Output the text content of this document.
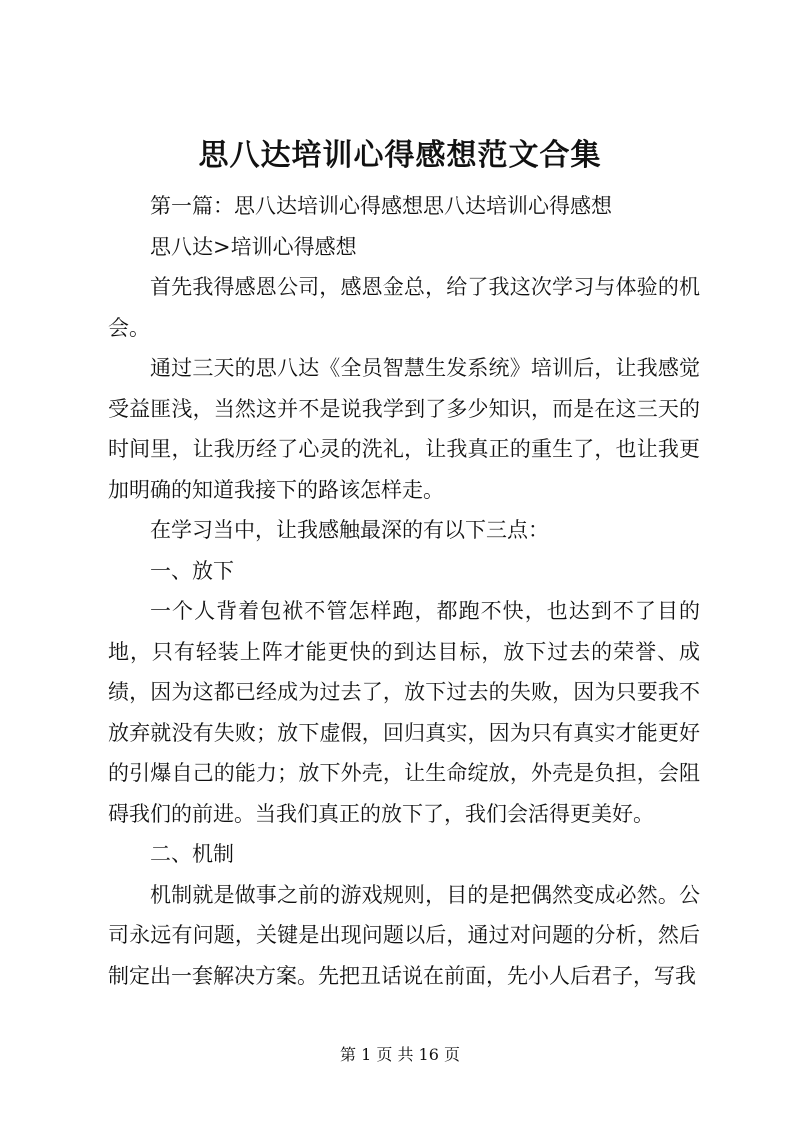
思八达培训心得感想范文合集

第一篇：思八达培训心得感想思八达培训心得感想

思八达>培训心得感想

首先我得感恩公司，感恩金总，给了我这次学习与体验的机会。

通过三天的思八达《全员智慧生发系统》培训后，让我感觉受益匪浅，当然这并不是说我学到了多少知识，而是在这三天的时间里，让我历经了心灵的洗礼，让我真正的重生了，也让我更加明确的知道我接下的路该怎样走。

在学习当中，让我感触最深的有以下三点：

一、放下

一个人背着包袱不管怎样跑，都跑不快，也达到不了目的地，只有轻装上阵才能更快的到达目标，放下过去的荣誉、成绩，因为这都已经成为过去了，放下过去的失败，因为只要我不放弃就没有失败；放下虚假，回归真实，因为只有真实才能更好的引爆自己的能力；放下外壳，让生命绽放，外壳是负担，会阻碍我们的前进。当我们真正的放下了，我们会活得更美好。

二、机制

机制就是做事之前的游戏规则，目的是把偶然变成必然。公司永远有问题，关键是出现问题以后，通过对问题的分析，然后制定出一套解决方案。先把丑话说在前面，先小人后君子，写我

第 1 页 共 16 页
